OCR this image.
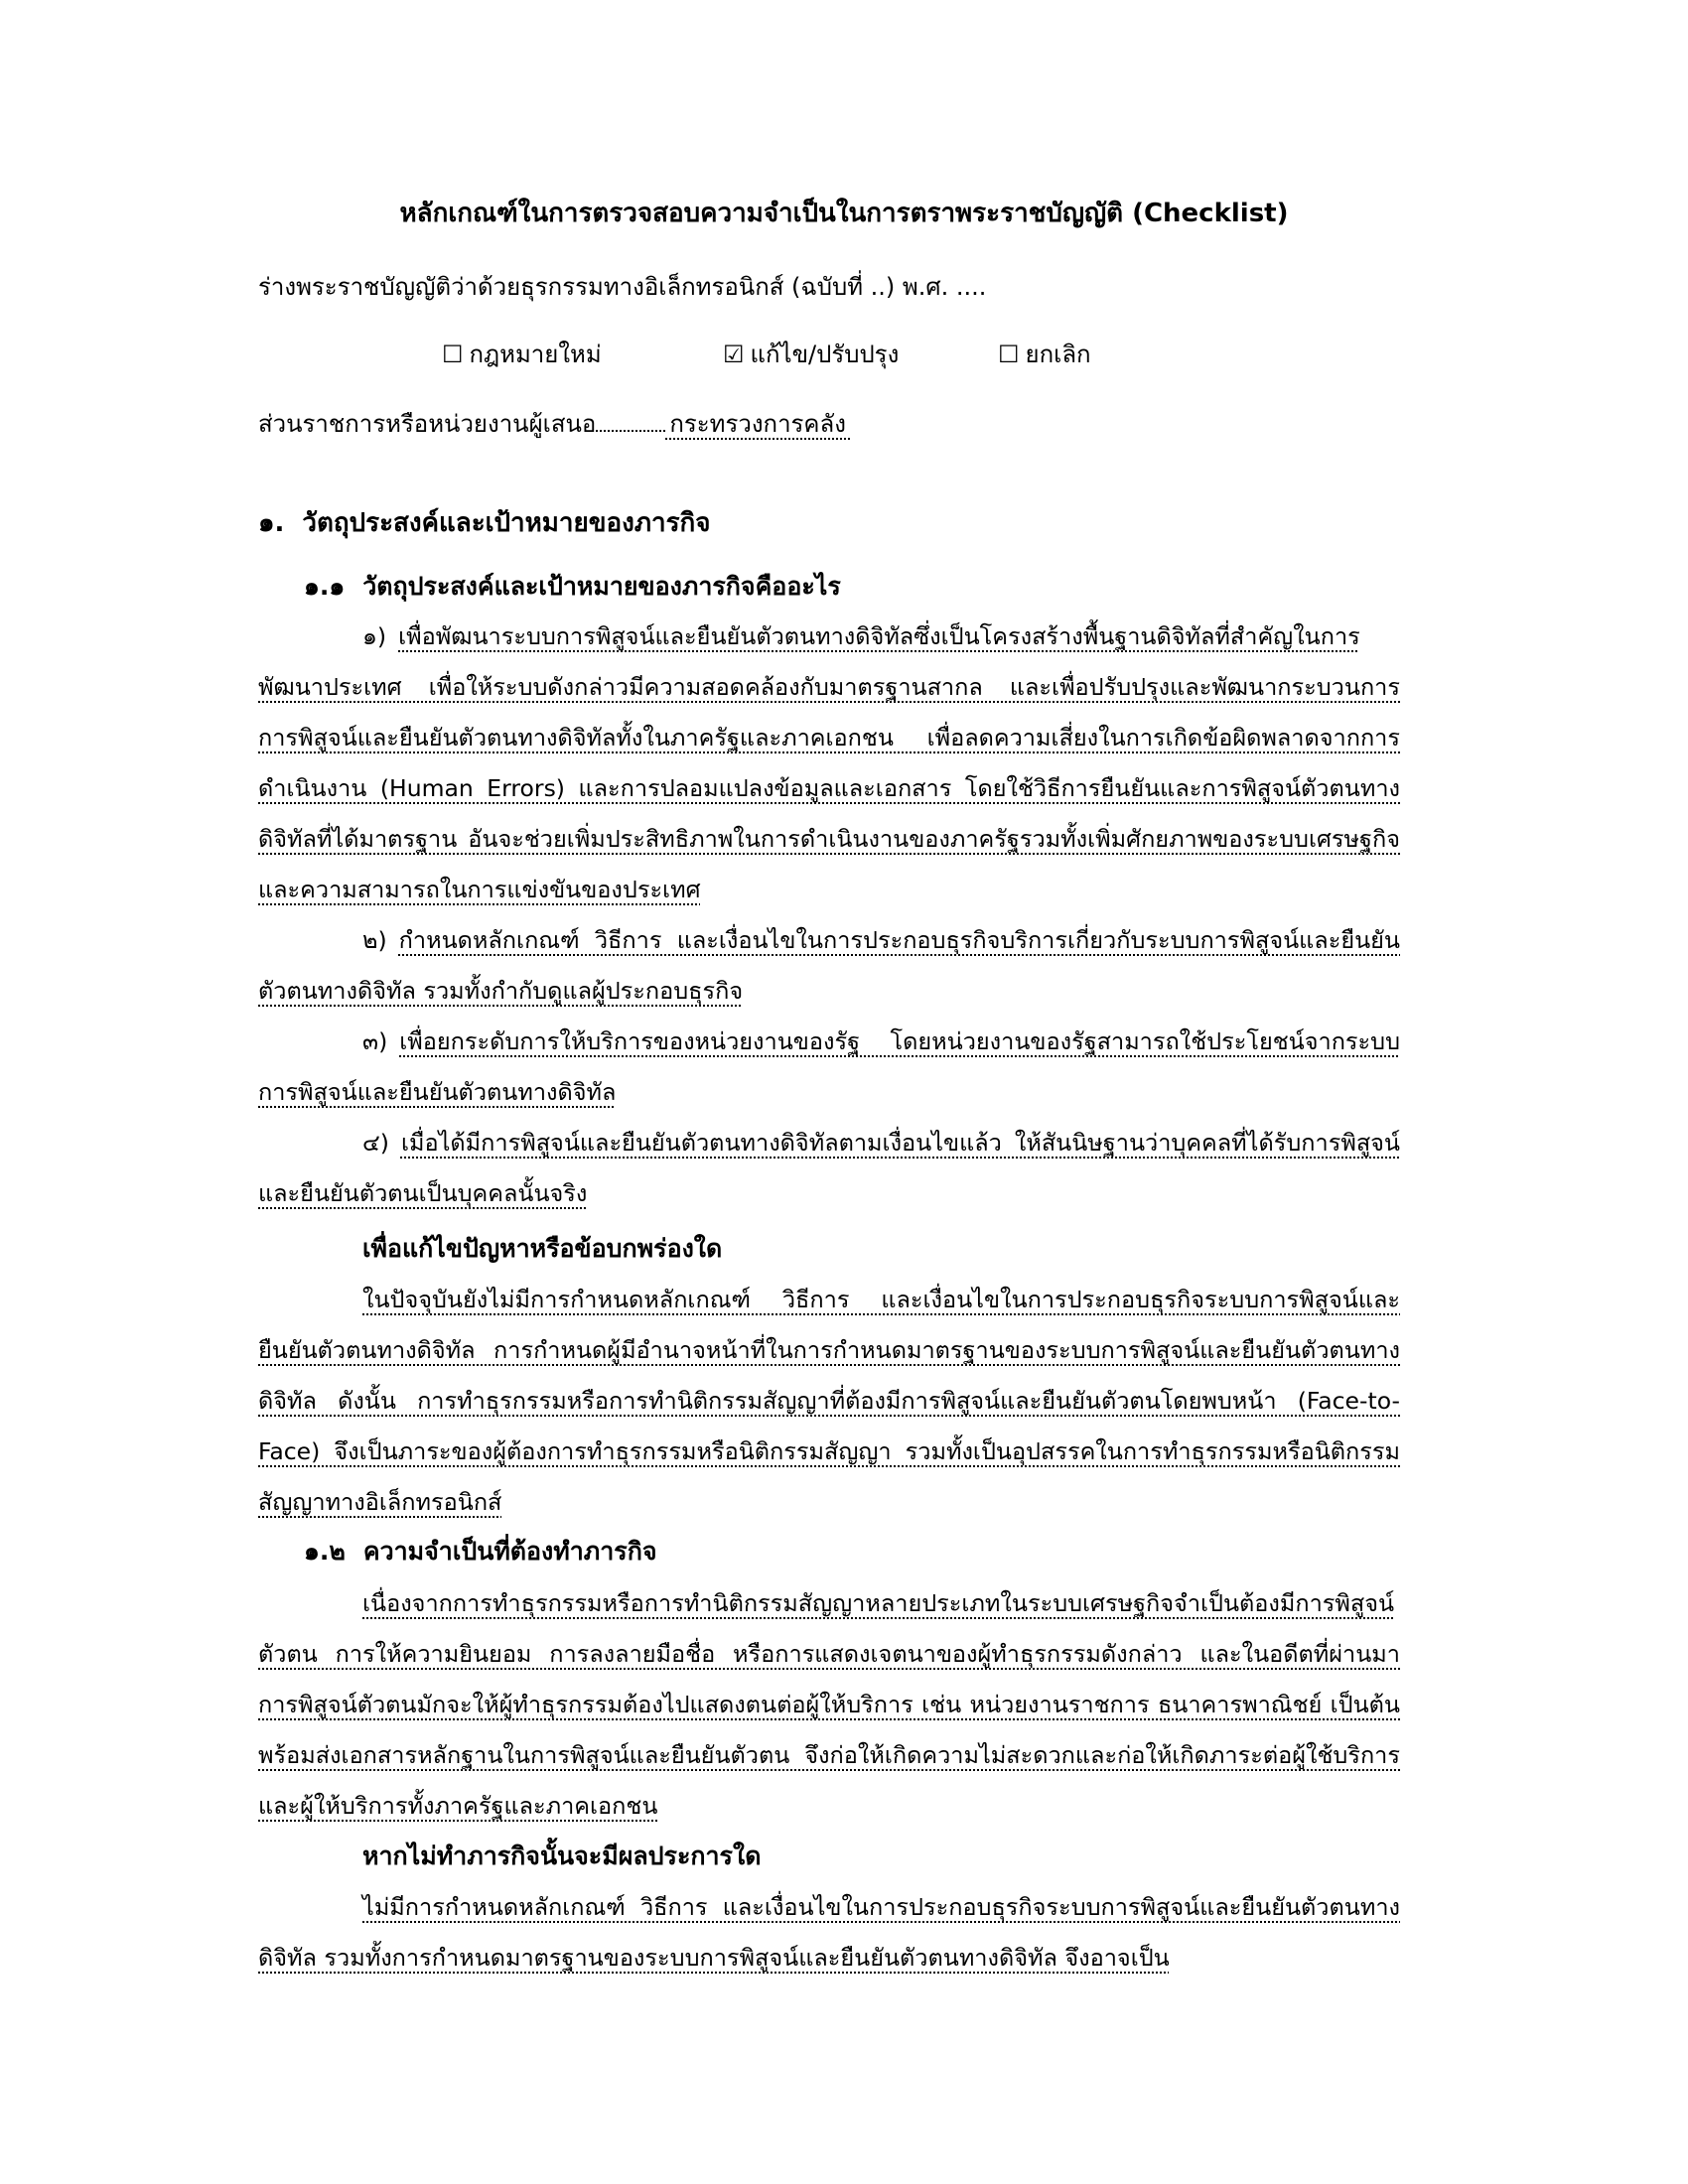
หลักเกณฑ์ในการตรวจสอบความจำเป็นในการตราพระราชบัญญัติ (Checklist)
ร่างพระราชบัญญัติว่าด้วยธุรกรรมทางอิเล็กทรอนิกส์ (ฉบับที่ ..) พ.ศ. ....
☐ กฎหมายใหม่	☑ แก้ไข/ปรับปรุง	☐ ยกเลิก
ส่วนราชการหรือหน่วยงานผู้เสนอ	กระทรวงการคลัง
๑. วัตถุประสงค์และเป้าหมายของภารกิจ
๑.๑ วัตถุประสงค์และเป้าหมายของภารกิจคืออะไร
๑) เพื่อพัฒนาระบบการพิสูจน์และยืนยันตัวตนทางดิจิทัลซึ่งเป็นโครงสร้างพื้นฐานดิจิทัลที่สำคัญในการพัฒนาประเทศ เพื่อให้ระบบดังกล่าวมีความสอดคล้องกับมาตรฐานสากล และเพื่อปรับปรุงและพัฒนากระบวนการการพิสูจน์และยืนยันตัวตนทางดิจิทัลทั้งในภาครัฐและภาคเอกชน เพื่อลดความเสี่ยงในการเกิดข้อผิดพลาดจากการดำเนินงาน (Human Errors) และการปลอมแปลงข้อมูลและเอกสาร โดยใช้วิธีการยืนยันและการพิสูจน์ตัวตนทางดิจิทัลที่ได้มาตรฐาน อันจะช่วยเพิ่มประสิทธิภาพในการดำเนินงานของภาครัฐรวมทั้งเพิ่มศักยภาพของระบบเศรษฐกิจและความสามารถในการแข่งขันของประเทศ
๒) กำหนดหลักเกณฑ์ วิธีการ และเงื่อนไขในการประกอบธุรกิจบริการเกี่ยวกับระบบการพิสูจน์และยืนยันตัวตนทางดิจิทัล รวมทั้งกำกับดูแลผู้ประกอบธุรกิจ
๓) เพื่อยกระดับการให้บริการของหน่วยงานของรัฐ โดยหน่วยงานของรัฐสามารถใช้ประโยชน์จากระบบการพิสูจน์และยืนยันตัวตนทางดิจิทัล
๔) เมื่อได้มีการพิสูจน์และยืนยันตัวตนทางดิจิทัลตามเงื่อนไขแล้ว ให้สันนิษฐานว่าบุคคลที่ได้รับการพิสูจน์และยืนยันตัวตนเป็นบุคคลนั้นจริง
เพื่อแก้ไขปัญหาหรือข้อบกพร่องใด
ในปัจจุบันยังไม่มีการกำหนดหลักเกณฑ์ วิธีการ และเงื่อนไขในการประกอบธุรกิจระบบการพิสูจน์และยืนยันตัวตนทางดิจิทัล การกำหนดผู้มีอำนาจหน้าที่ในการกำหนดมาตรฐานของระบบการพิสูจน์และยืนยันตัวตนทางดิจิทัล ดังนั้น การทำธุรกรรมหรือการทำนิติกรรมสัญญาที่ต้องมีการพิสูจน์และยืนยันตัวตนโดยพบหน้า (Face-to-Face) จึงเป็นภาระของผู้ต้องการทำธุรกรรมหรือนิติกรรมสัญญา รวมทั้งเป็นอุปสรรคในการทำธุรกรรมหรือนิติกรรมสัญญาทางอิเล็กทรอนิกส์
๑.๒ ความจำเป็นที่ต้องทำภารกิจ
เนื่องจากการทำธุรกรรมหรือการทำนิติกรรมสัญญาหลายประเภทในระบบเศรษฐกิจจำเป็นต้องมีการพิสูจน์ตัวตน การให้ความยินยอม การลงลายมือชื่อ หรือการแสดงเจตนาของผู้ทำธุรกรรมดังกล่าว และในอดีตที่ผ่านมา การพิสูจน์ตัวตนมักจะให้ผู้ทำธุรกรรมต้องไปแสดงตนต่อผู้ให้บริการ เช่น หน่วยงานราชการ ธนาคารพาณิชย์ เป็นต้น พร้อมส่งเอกสารหลักฐานในการพิสูจน์และยืนยันตัวตน จึงก่อให้เกิดความไม่สะดวกและก่อให้เกิดภาระต่อผู้ใช้บริการและผู้ให้บริการทั้งภาครัฐและภาคเอกชน
หากไม่ทำภารกิจนั้นจะมีผลประการใด
ไม่มีการกำหนดหลักเกณฑ์ วิธีการ และเงื่อนไขในการประกอบธุรกิจระบบการพิสูจน์และยืนยันตัวตนทางดิจิทัล รวมทั้งการกำหนดมาตรฐานของระบบการพิสูจน์และยืนยันตัวตนทางดิจิทัล จึงอาจเป็น
